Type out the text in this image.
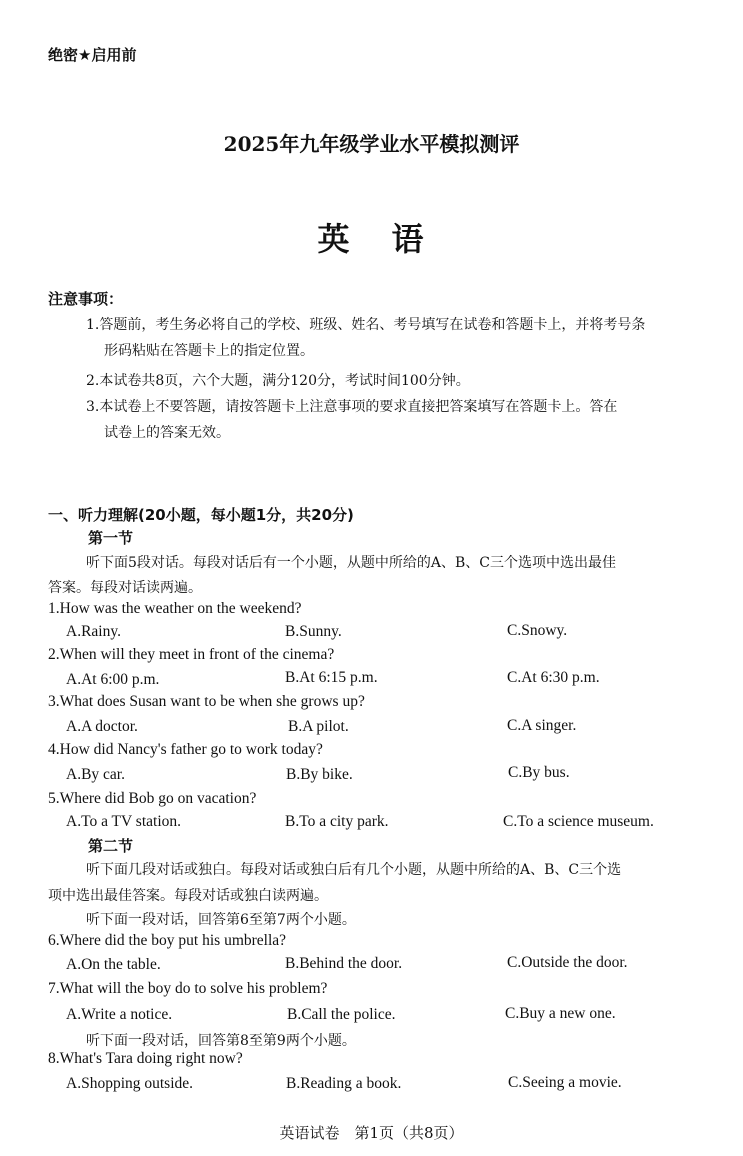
绝密★启用前
2025年九年级学业水平模拟测评
英 语
注意事项：
1.答题前，考生务必将自己的学校、班级、姓名、考号填写在试卷和答题卡上，并将考号条
形码粘贴在答题卡上的指定位置。
2.本试卷共8页，六个大题，满分120分，考试时间100分钟。
3.本试卷上不要答题，请按答题卡上注意事项的要求直接把答案填写在答题卡上。答在
试卷上的答案无效。
一、听力理解(20小题，每小题1分，共20分)
第一节
听下面5段对话。每段对话后有一个小题，从题中所给的A、B、C三个选项中选出最佳
答案。每段对话读两遍。
1.How was the weather on the weekend?
A.Rainy.	B.Sunny.	C.Snowy.
2.When will they meet in front of the cinema?
A.At 6:00 p.m.	B.At 6:15 p.m.	C.At 6:30 p.m.
3.What does Susan want to be when she grows up?
A.A doctor.	B.A pilot.	C.A singer.
4.How did Nancy's father go to work today?
A.By car.	B.By bike.	C.By bus.
5.Where did Bob go on vacation?
A.To a TV station.	B.To a city park.	C.To a science museum.
第二节
听下面几段对话或独白。每段对话或独白后有几个小题，从题中所给的A、B、C三个选
项中选出最佳答案。每段对话或独白读两遍。
听下面一段对话，回答第6至第7两个小题。
6.Where did the boy put his umbrella?
A.On the table.	B.Behind the door.	C.Outside the door.
7.What will the boy do to solve his problem?
A.Write a notice.	B.Call the police.	C.Buy a new one.
听下面一段对话，回答第8至第9两个小题。
8.What's Tara doing right now?
A.Shopping outside.	B.Reading a book.	C.Seeing a movie.
英语试卷　第1页（共8页）
